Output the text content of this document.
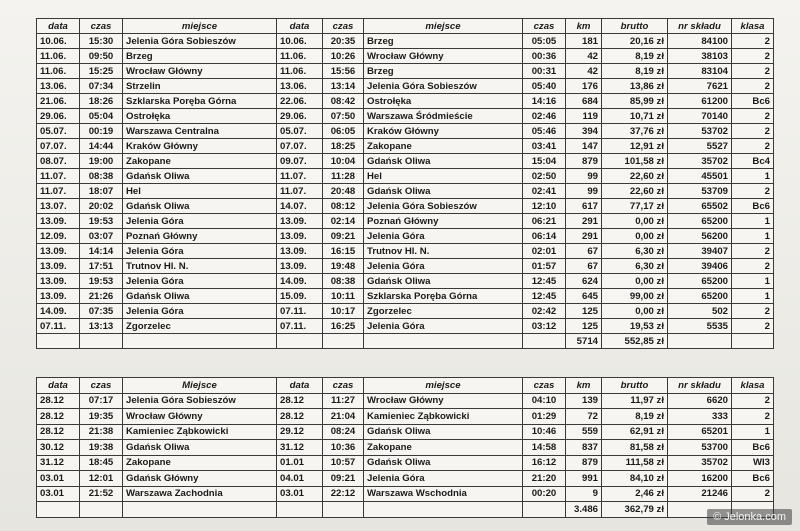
data	czas	miejsce	data	czas	miejsce	czas	km	brutto	nr składu	klasa
10.06.	15:30	Jelenia Góra Sobieszów	10.06.	20:35	Brzeg	05:05	181	20,16 zł	84100	2
11.06.	09:50	Brzeg	11.06.	10:26	Wrocław Główny	00:36	42	8,19 zł	38103	2
11.06.	15:25	Wrocław Główny	11.06.	15:56	Brzeg	00:31	42	8,19 zł	83104	2
13.06.	07:34	Strzelin	13.06.	13:14	Jelenia Góra Sobieszów	05:40	176	13,86 zł	7621	2
21.06.	18:26	Szklarska Poręba Górna	22.06.	08:42	Ostrołęka	14:16	684	85,99 zł	61200	Bc6
29.06.	05:04	Ostrołęka	29.06.	07:50	Warszawa Śródmieście	02:46	119	10,71 zł	70140	2
05.07.	00:19	Warszawa Centralna	05.07.	06:05	Kraków Główny	05:46	394	37,76 zł	53702	2
07.07.	14:44	Kraków Główny	07.07.	18:25	Zakopane	03:41	147	12,91 zł	5527	2
08.07.	19:00	Zakopane	09.07.	10:04	Gdańsk Oliwa	15:04	879	101,58 zł	35702	Bc4
11.07.	08:38	Gdańsk Oliwa	11.07.	11:28	Hel	02:50	99	22,60 zł	45501	1
11.07.	18:07	Hel	11.07.	20:48	Gdańsk Oliwa	02:41	99	22,60 zł	53709	2
13.07.	20:02	Gdańsk Oliwa	14.07.	08:12	Jelenia Góra Sobieszów	12:10	617	77,17 zł	65502	Bc6
13.09.	19:53	Jelenia Góra	13.09.	02:14	Poznań Główny	06:21	291	0,00 zł	65200	1
12.09.	03:07	Poznań Główny	13.09.	09:21	Jelenia Góra	06:14	291	0,00 zł	56200	1
13.09.	14:14	Jelenia Góra	13.09.	16:15	Trutnov Hl. N.	02:01	67	6,30 zł	39407	2
13.09.	17:51	Trutnov Hl. N.	13.09.	19:48	Jelenia Góra	01:57	67	6,30 zł	39406	2
13.09.	19:53	Jelenia Góra	14.09.	08:38	Gdańsk Oliwa	12:45	624	0,00 zł	65200	1
13.09.	21:26	Gdańsk Oliwa	15.09.	10:11	Szklarska Poręba Górna	12:45	645	99,00 zł	65200	1
14.09.	07:35	Jelenia Góra	07.11.	10:17	Zgorzelec	02:42	125	0,00 zł	502	2
07.11.	13:13	Zgorzelec	07.11.	16:25	Jelenia Góra	03:12	125	19,53 zł	5535	2
							5714	552,85 zł		
data	czas	Miejsce	data	czas	miejsce	czas	km	brutto	nr składu	klasa
28.12	07:17	Jelenia Góra Sobieszów	28.12	11:27	Wrocław Główny	04:10	139	11,97 zł	6620	2
28.12	19:35	Wrocław Główny	28.12	21:04	Kamieniec Ząbkowicki	01:29	72	8,19 zł	333	2
28.12	21:38	Kamieniec Ząbkowicki	29.12	08:24	Gdańsk Oliwa	10:46	559	62,91 zł	65201	1
30.12	19:38	Gdańsk Oliwa	31.12	10:36	Zakopane	14:58	837	81,58 zł	53700	Bc6
31.12	18:45	Zakopane	01.01	10:57	Gdańsk Oliwa	16:12	879	111,58 zł	35702	WI3
03.01	12:01	Gdańsk Główny	04.01	09:21	Jelenia Góra	21:20	991	84,10 zł	16200	Bc6
03.01	21:52	Warszawa Zachodnia	03.01	22:12	Warszawa Wschodnia	00:20	9	2,46 zł	21246	2
							3.486	362,79 zł		
© Jelonka.com
